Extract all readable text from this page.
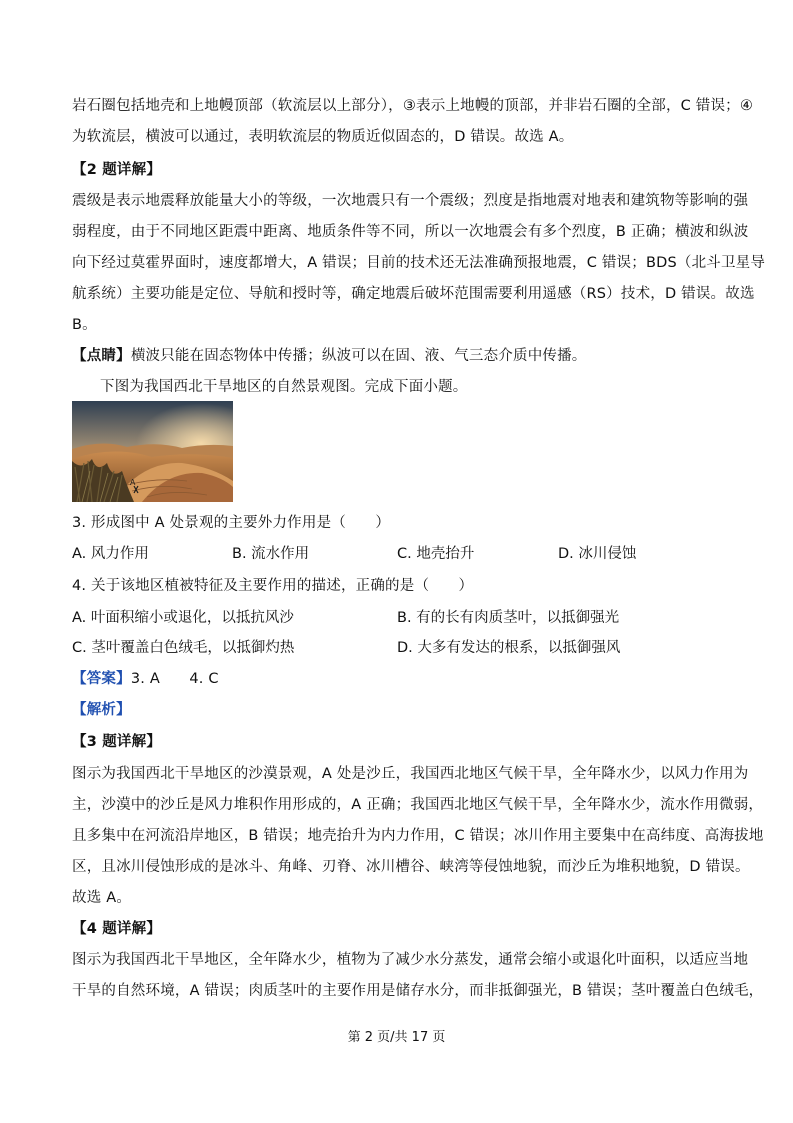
岩石圈包括地壳和上地幔顶部（软流层以上部分），③表示上地幔的顶部，并非岩石圈的全部，C 错误；④
为软流层，横波可以通过，表明软流层的物质近似固态的，D 错误。故选 A。
【2 题详解】
震级是表示地震释放能量大小的等级，一次地震只有一个震级；烈度是指地震对地表和建筑物等影响的强
弱程度，由于不同地区距震中距离、地质条件等不同，所以一次地震会有多个烈度，B 正确；横波和纵波
向下经过莫霍界面时，速度都增大，A 错误；目前的技术还无法准确预报地震，C 错误；BDS（北斗卫星导
航系统）主要功能是定位、导航和授时等，确定地震后破坏范围需要利用遥感（RS）技术，D 错误。故选
B。
【点睛】横波只能在固态物体中传播；纵波可以在固、液、气三态介质中传播。
下图为我国西北干旱地区的自然景观图。完成下面小题。
A
3. 形成图中 A 处景观的主要外力作用是（　　）
A. 风力作用	B. 流水作用	C. 地壳抬升	D. 冰川侵蚀
4. 关于该地区植被特征及主要作用的描述，正确的是（　　）
A. 叶面积缩小或退化，以抵抗风沙	B. 有的长有肉质茎叶，以抵御强光
C. 茎叶覆盖白色绒毛，以抵御灼热	D. 大多有发达的根系，以抵御强风
【答案】3. A　　4. C
【解析】
【3 题详解】
图示为我国西北干旱地区的沙漠景观，A 处是沙丘，我国西北地区气候干旱，全年降水少，以风力作用为
主，沙漠中的沙丘是风力堆积作用形成的，A 正确；我国西北地区气候干旱，全年降水少，流水作用微弱，
且多集中在河流沿岸地区，B 错误；地壳抬升为内力作用，C 错误；冰川作用主要集中在高纬度、高海拔地
区，且冰川侵蚀形成的是冰斗、角峰、刃脊、冰川槽谷、峡湾等侵蚀地貌，而沙丘为堆积地貌，D 错误。
故选 A。
【4 题详解】
图示为我国西北干旱地区，全年降水少，植物为了减少水分蒸发，通常会缩小或退化叶面积，以适应当地
干旱的自然环境，A 错误；肉质茎叶的主要作用是储存水分，而非抵御强光，B 错误；茎叶覆盖白色绒毛，
第 2 页/共 17 页
